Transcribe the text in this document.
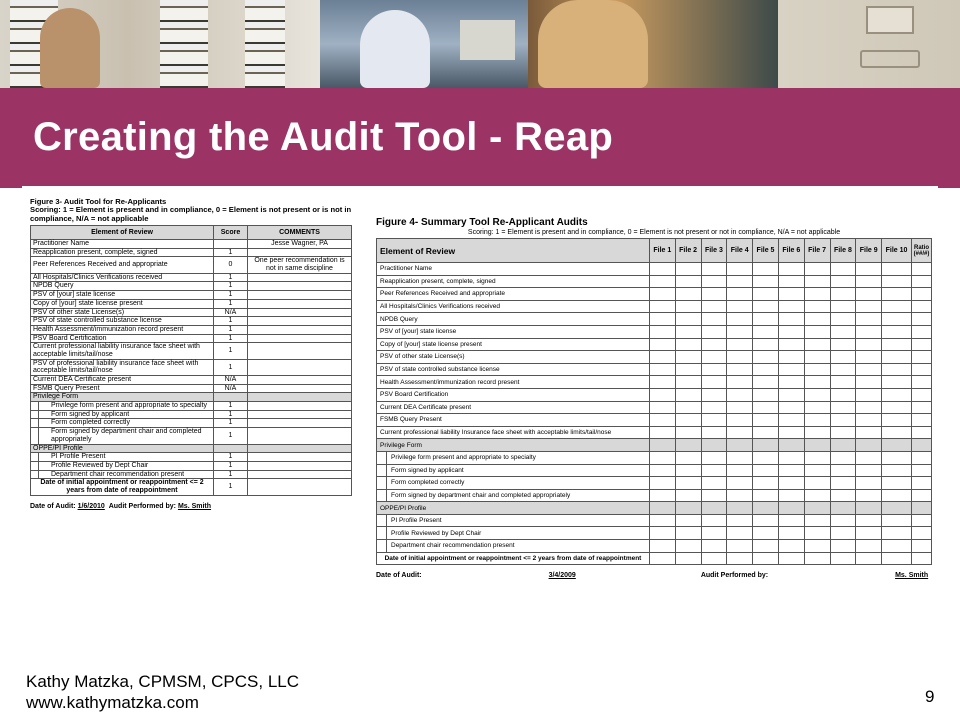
Creating the Audit Tool - Reap
Figure 3- Audit Tool for Re-Applicants
Scoring: 1 = Element is present and in compliance, 0 = Element is not present or is not in compliance, N/A = not applicable
Element of Review		Score	COMMENTS
Practitioner Name			Jesse Wagner, PA
Reapplication present, complete, signed		1	
Peer References Received and appropriate		0	One peer recommendation is not in same discipline
All Hospitals/Clinics Verifications received		1	
NPDB Query		1	
PSV of [your] state license		1	
Copy of [your] state license present		1	
PSV of other state License(s)		N/A	
PSV of state controlled substance license		1	
Health Assessment/immunization record present		1	
PSV Board Certification		1	
Current professional liability insurance face sheet with acceptable limits/tail/nose		1	
PSV of professional liability insurance face sheet with acceptable limits/tail/nose		1	
Current DEA Certificate present		N/A	
FSMB Query Present		N/A	
Privilege Form			
	Privilege form present and appropriate to specialty	1	
	Form signed by applicant	1	
	Form completed correctly	1	
	Form signed by department chair and completed appropriately	1	
OPPE/PI Profile			
	PI Profile Present	1	
	Profile Reviewed by Dept Chair	1	
	Department chair recommendation present	1	
Date of initial appointment or reappointment <= 2 years from date of reappointment		1	
Date of Audit: 1/6/2010 Audit Performed by: Ms. Smith
Figure 4- Summary Tool Re-Applicant Audits
Scoring: 1 = Element is present and in compliance, 0 = Element is not present or not in compliance, N/A = not applicable
Element of Review		File 1	File 2	File 3	File 4	File 5	File 6	File 7	File 8	File 9	File 10	Ratio (##/#)
Practitioner Name												
Reapplication present, complete, signed												
Peer References Received and appropriate												
All Hospitals/Clinics Verifications received												
NPDB Query												
PSV of [your] state license												
Copy of [your] state license present												
PSV of other state License(s)												
PSV of state controlled substance license												
Health Assessment/immunization record present												
PSV Board Certification												
Current DEA Certificate present												
FSMB Query Present												
Current professional liability Insurance face sheet with acceptable limits/tail/nose												
Privilege Form												
	Privilege form present and appropriate to specialty											
	Form signed by applicant											
	Form completed correctly											
	Form signed by department chair and completed appropriately											
OPPE/PI Profile												
	PI Profile Present											
	Profile Reviewed by Dept Chair											
	Department chair recommendation present											
Date of initial appointment or reappointment <= 2 years from date of reappointment												
Date of Audit:	3/4/2009	Audit Performed by:	Ms. Smith
Kathy Matzka, CPMSM, CPCS, LLC
www.kathymatzka.com	9
